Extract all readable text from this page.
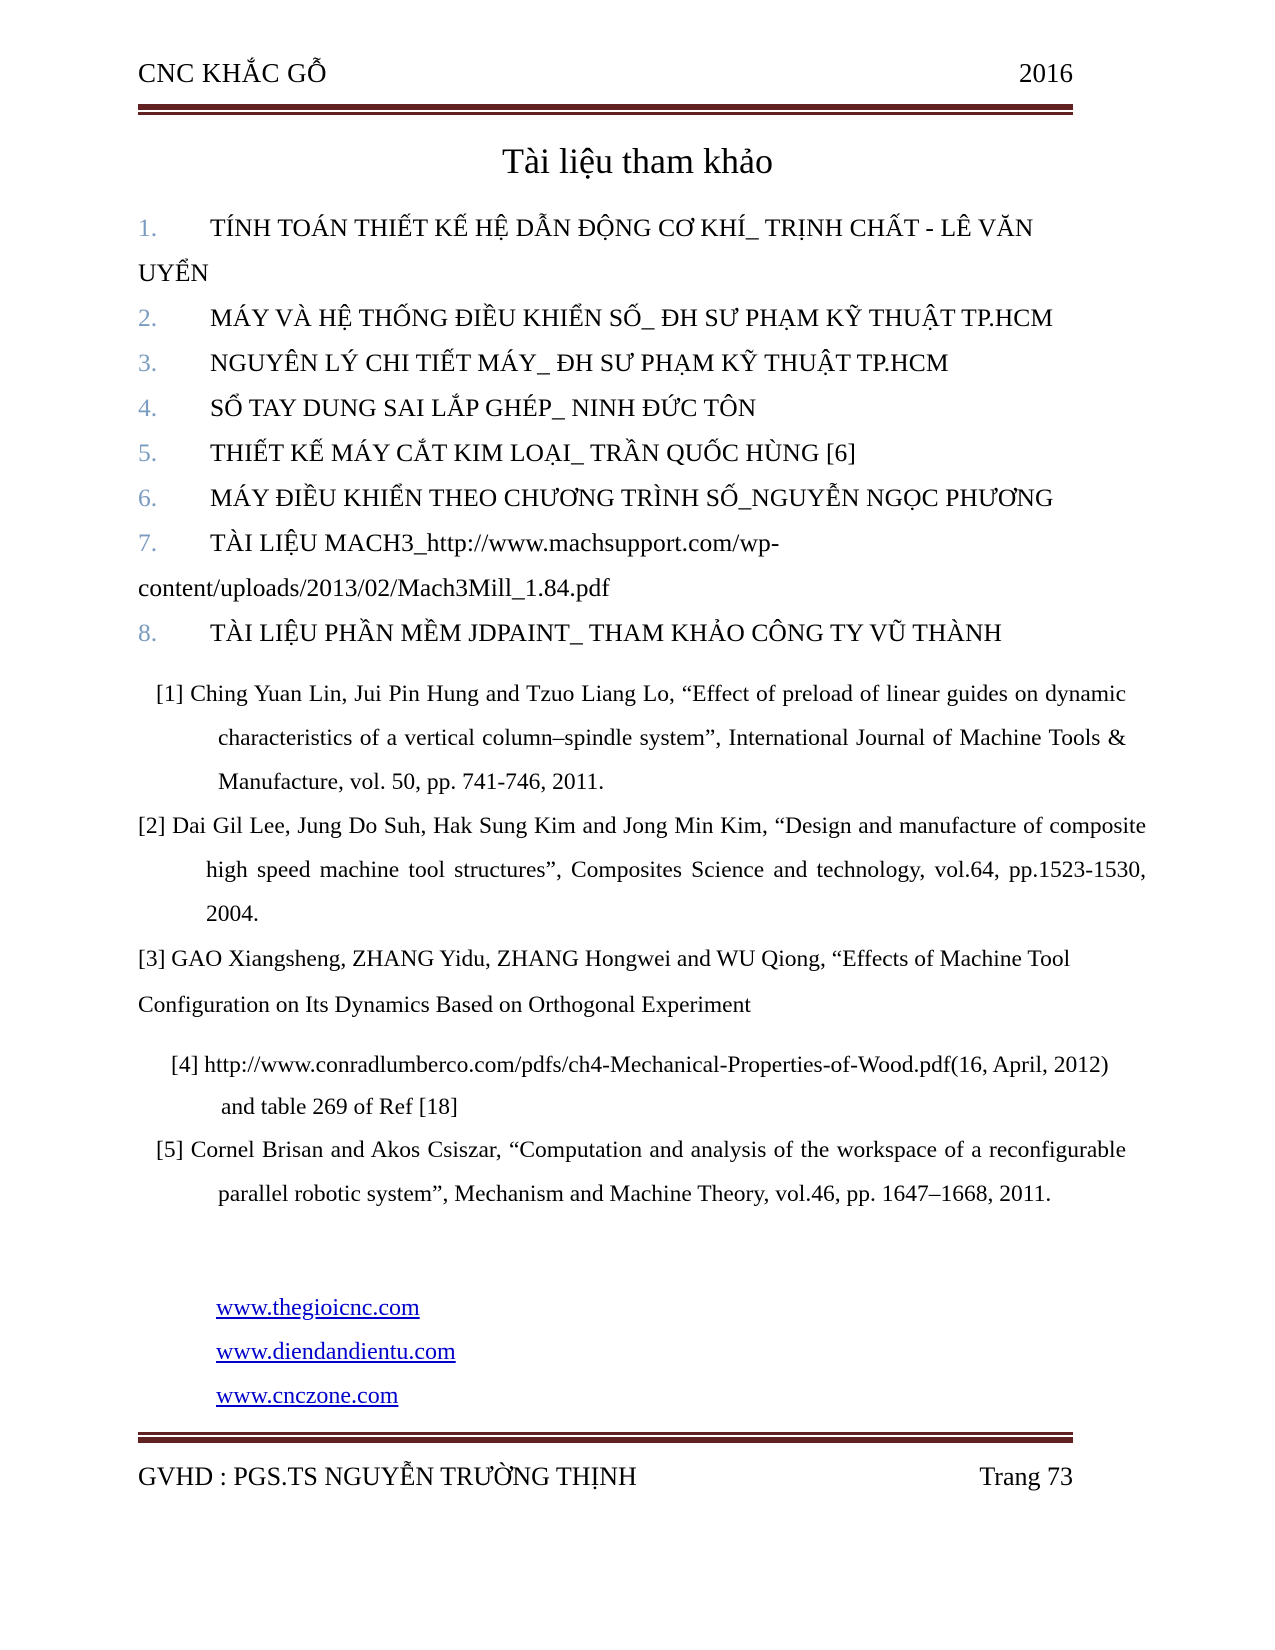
CNC KHẮC GỖ	2016
Tài liệu tham khảo
1.	TÍNH TOÁN THIẾT KẾ HỆ DẪN ĐỘNG CƠ KHÍ_ TRỊNH CHẤT - LÊ VĂN
UYỂN
2.	MÁY VÀ HỆ THỐNG ĐIỀU KHIỂN SỐ_ ĐH SƯ PHẠM KỸ THUẬT TP.HCM
3.	NGUYÊN LÝ CHI TIẾT MÁY_ ĐH SƯ PHẠM KỸ THUẬT TP.HCM
4.	SỔ TAY DUNG SAI LẮP GHÉP_ NINH ĐỨC TÔN
5.	THIẾT KẾ MÁY CẮT KIM LOẠI_ TRẦN QUỐC HÙNG [6]
6.	MÁY ĐIỀU KHIỂN THEO CHƯƠNG TRÌNH SỐ_NGUYỄN NGỌC PHƯƠNG
7.	TÀI LIỆU MACH3_http://www.machsupport.com/wp-
content/uploads/2013/02/Mach3Mill_1.84.pdf
8.	TÀI LIỆU PHẦN MỀM JDPAINT_ THAM KHẢO CÔNG TY VŨ THÀNH

[1] Ching Yuan Lin, Jui Pin Hung and Tzuo Liang Lo, “Effect of preload of linear guides on dynamic characteristics of a vertical column–spindle system”, International Journal of Machine Tools & Manufacture, vol. 50, pp. 741-746, 2011.

[2] Dai Gil Lee, Jung Do Suh, Hak Sung Kim and Jong Min Kim, “Design and manufacture of composite high speed machine tool structures”, Composites Science and technology, vol.64, pp.1523-1530, 2004.

[3] GAO Xiangsheng, ZHANG Yidu, ZHANG Hongwei and WU Qiong, “Effects of Machine Tool Configuration on Its Dynamics Based on Orthogonal Experiment

[4] http://www.conradlumberco.com/pdfs/ch4-Mechanical-Properties-of-Wood.pdf(16, April, 2012) and table 269 of Ref [18]

[5] Cornel Brisan and Akos Csiszar, “Computation and analysis of the workspace of a reconfigurable parallel robotic system”, Mechanism and Machine Theory, vol.46, pp. 1647–1668, 2011.

www.thegioicnc.com
www.diendandientu.com
www.cnczone.com
GVHD : PGS.TS NGUYỄN TRƯỜNG THỊNH	Trang 73
